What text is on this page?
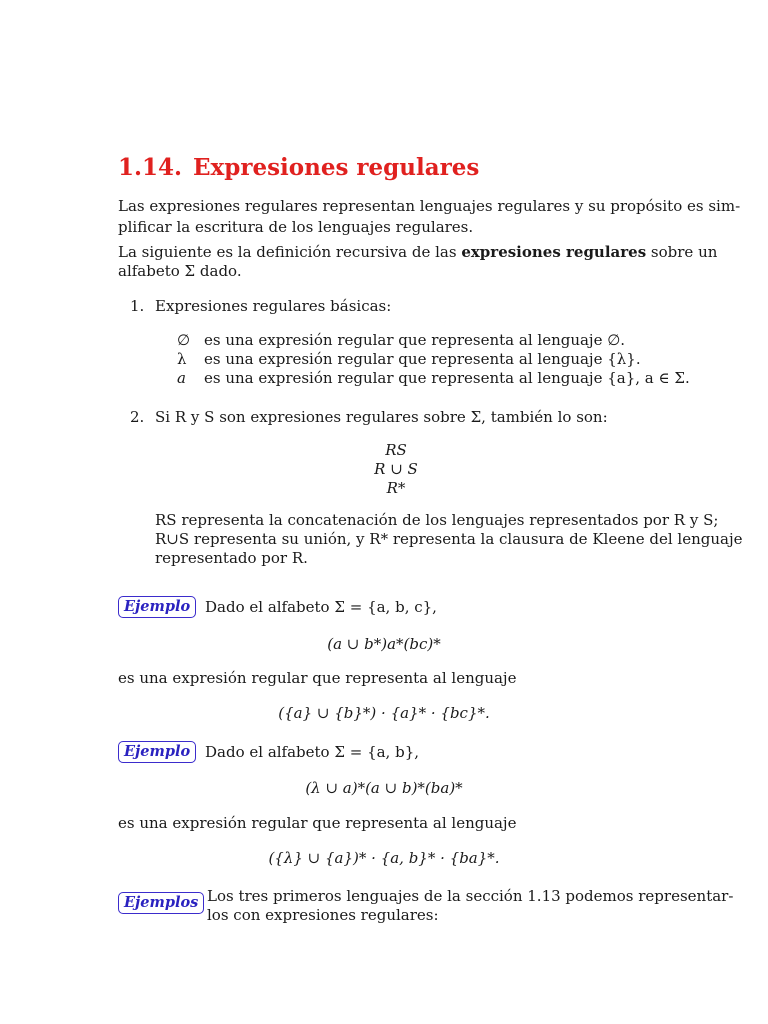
1.14. Expresiones regulares
Las expresiones regulares representan lenguajes regulares y su propósito es sim-
plificar la escritura de los lenguajes regulares.
La siguiente es la definición recursiva de las expresiones regulares sobre un
alfabeto Σ dado.
1. Expresiones regulares básicas:
∅ es una expresión regular que representa al lenguaje ∅.
λ es una expresión regular que representa al lenguaje {λ}.
a es una expresión regular que representa al lenguaje {a}, a ∈ Σ.
2. Si R y S son expresiones regulares sobre Σ, también lo son:
RS
R ∪ S
R*
RS representa la concatenación de los lenguajes representados por R y S;
R∪S representa su unión, y R* representa la clausura de Kleene del lenguaje
representado por R.
Ejemplo Dado el alfabeto Σ = {a, b, c},
(a ∪ b*)a*(bc)*
es una expresión regular que representa al lenguaje
({a} ∪ {b}*) · {a}* · {bc}*.
Ejemplo Dado el alfabeto Σ = {a, b},
(λ ∪ a)*(a ∪ b)*(ba)*
es una expresión regular que representa al lenguaje
({λ} ∪ {a})* · {a, b}* · {ba}*.
Ejemplos Los tres primeros lenguajes de la sección 1.13 podemos representar-
los con expresiones regulares:
